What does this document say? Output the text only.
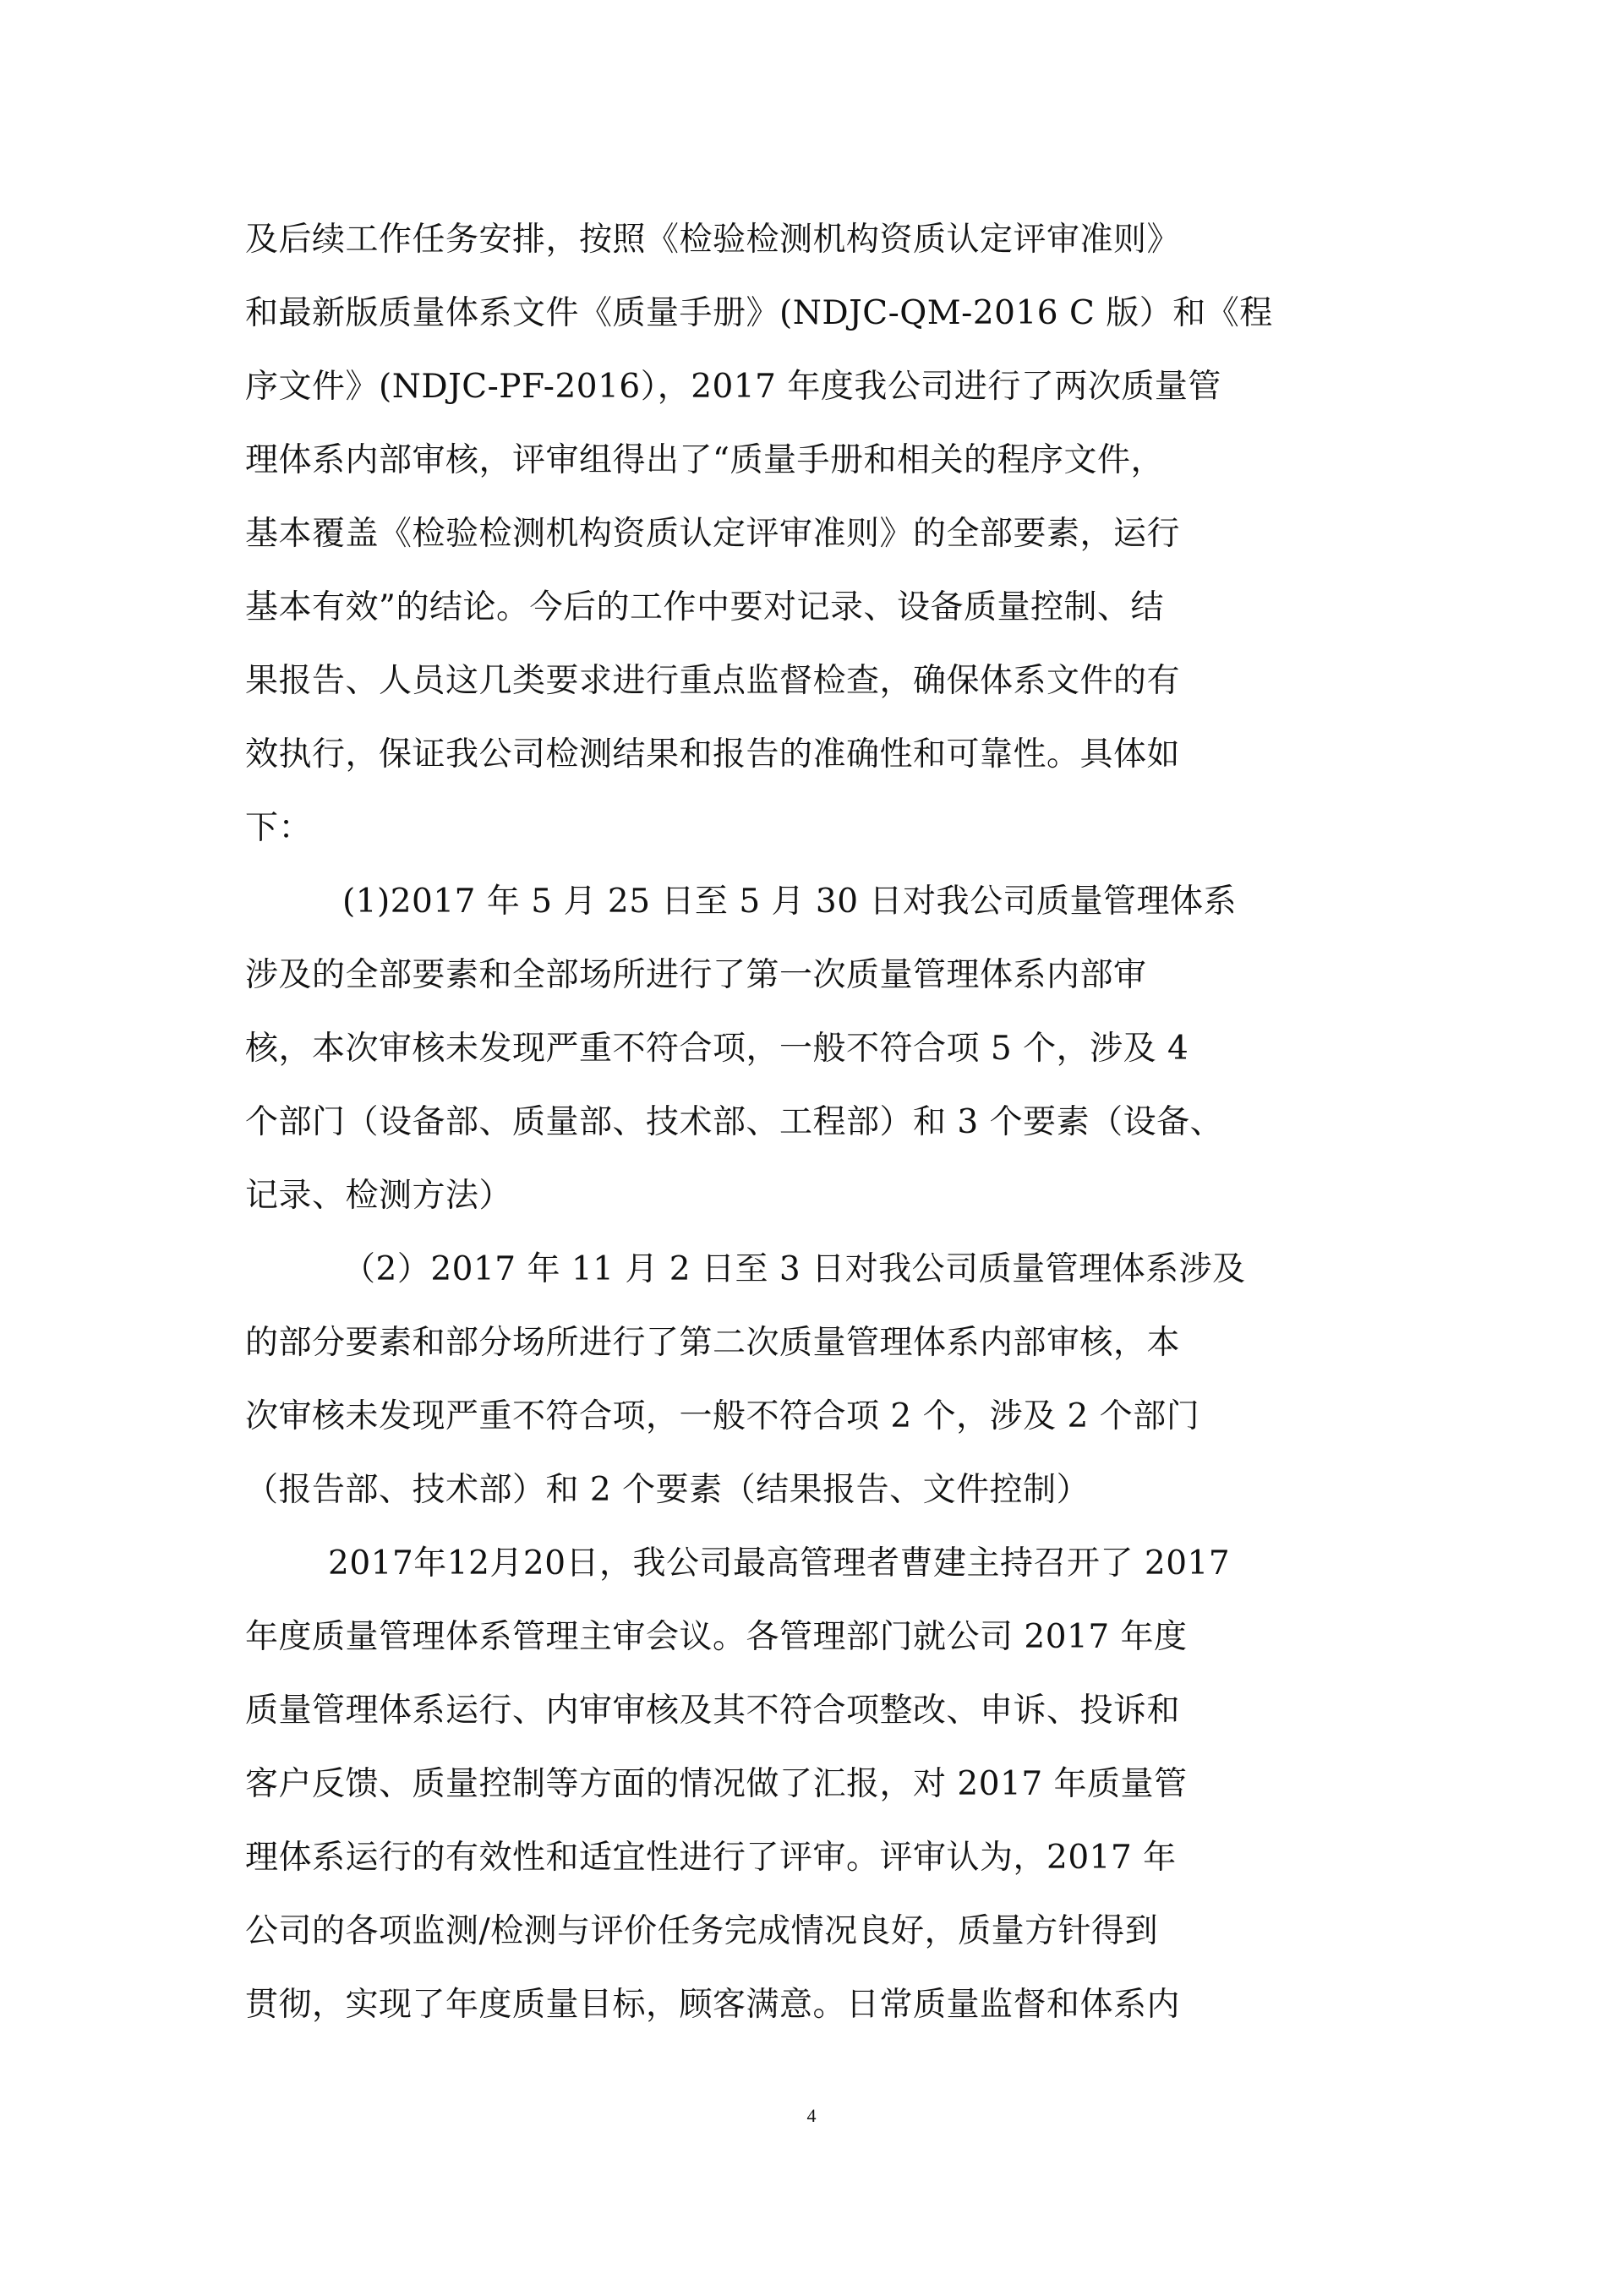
及后续工作任务安排，按照《检验检测机构资质认定评审准则》
和最新版质量体系文件《质量手册》(NDJC-QM-2016 C 版）和《程
序文件》(NDJC-PF-2016），2017 年度我公司进行了两次质量管
理体系内部审核，评审组得出了“质量手册和相关的程序文件，
基本覆盖《检验检测机构资质认定评审准则》的全部要素，运行
基本有效”的结论。今后的工作中要对记录、设备质量控制、结
果报告、人员这几类要求进行重点监督检查，确保体系文件的有
效执行，保证我公司检测结果和报告的准确性和可靠性。具体如
下：
(1)2017 年 5 月 25 日至 5 月 30 日对我公司质量管理体系
涉及的全部要素和全部场所进行了第一次质量管理体系内部审
核，本次审核未发现严重不符合项，一般不符合项 5 个，涉及 4
个部门（设备部、质量部、技术部、工程部）和 3 个要素（设备、
记录、检测方法）
（2）2017 年 11 月 2 日至 3 日对我公司质量管理体系涉及
的部分要素和部分场所进行了第二次质量管理体系内部审核，本
次审核未发现严重不符合项，一般不符合项 2 个，涉及 2 个部门
（报告部、技术部）和 2 个要素（结果报告、文件控制）
2017年12月20日，我公司最高管理者曹建主持召开了 2017
年度质量管理体系管理主审会议。各管理部门就公司 2017 年度
质量管理体系运行、内审审核及其不符合项整改、申诉、投诉和
客户反馈、质量控制等方面的情况做了汇报，对 2017 年质量管
理体系运行的有效性和适宜性进行了评审。评审认为，2017 年
公司的各项监测/检测与评价任务完成情况良好，质量方针得到
贯彻，实现了年度质量目标，顾客满意。日常质量监督和体系内
4
